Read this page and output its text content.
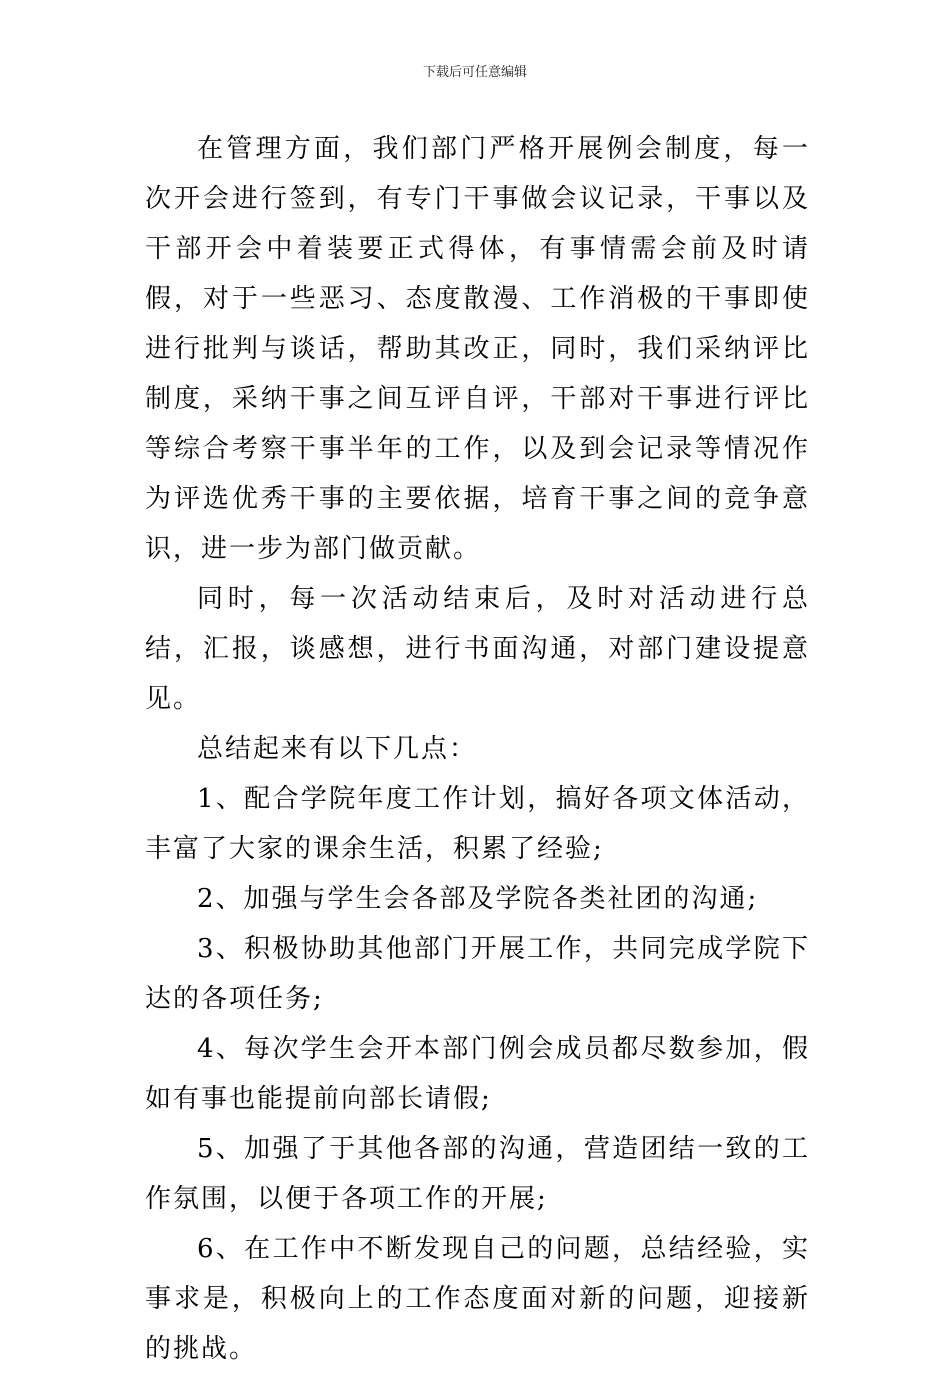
下载后可任意编辑

在管理方面，我们部门严格开展例会制度，每一次开会进行签到，有专门干事做会议记录，干事以及干部开会中着装要正式得体，有事情需会前及时请假，对于一些恶习、态度散漫、工作消极的干事即使进行批判与谈话，帮助其改正，同时，我们采纳评比制度，采纳干事之间互评自评，干部对干事进行评比等综合考察干事半年的工作，以及到会记录等情况作为评选优秀干事的主要依据，培育干事之间的竞争意识，进一步为部门做贡献。

同时，每一次活动结束后，及时对活动进行总结，汇报，谈感想，进行书面沟通，对部门建设提意见。

总结起来有以下几点：

1、配合学院年度工作计划，搞好各项文体活动，丰富了大家的课余生活，积累了经验;

2、加强与学生会各部及学院各类社团的沟通;

3、积极协助其他部门开展工作，共同完成学院下达的各项任务;

4、每次学生会开本部门例会成员都尽数参加，假如有事也能提前向部长请假;

5、加强了于其他各部的沟通，营造团结一致的工作氛围，以便于各项工作的开展;

6、在工作中不断发现自己的问题，总结经验，实事求是，积极向上的工作态度面对新的问题，迎接新的挑战。
